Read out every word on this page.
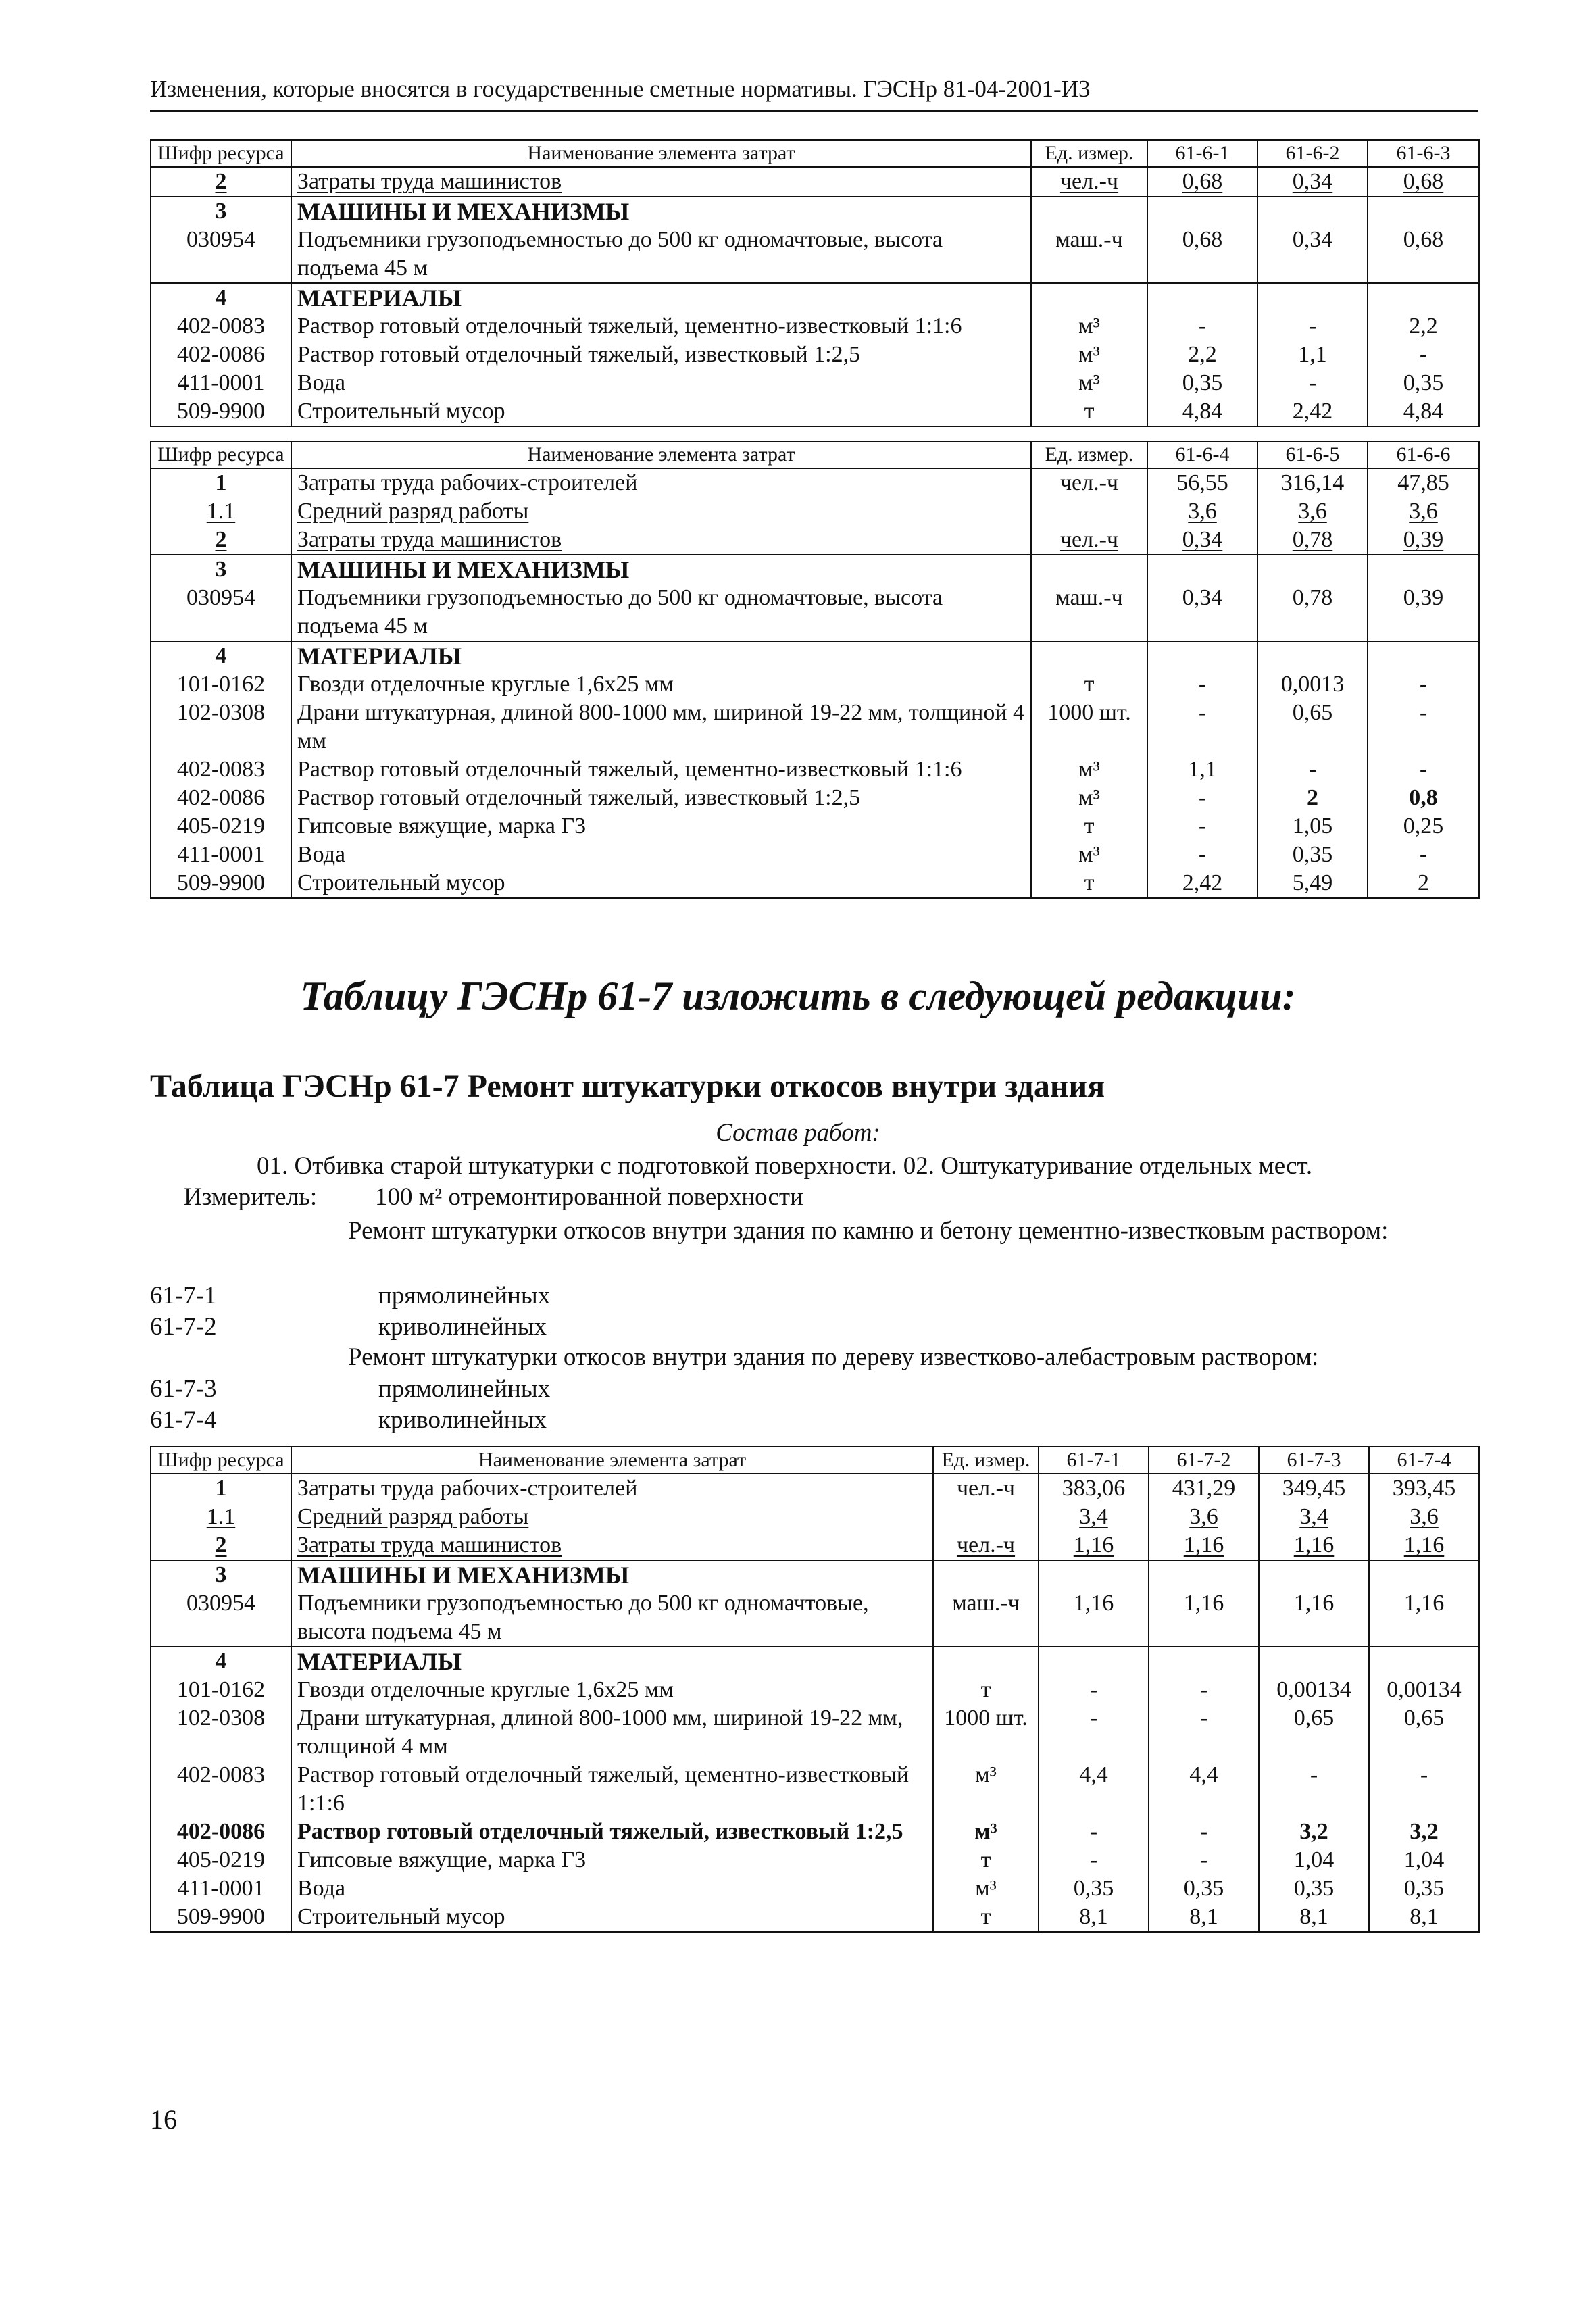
Изменения, которые вносятся в государственные сметные нормативы. ГЭСНр 81-04-2001-И3
Шифр ресурса	Наименование элемента затрат	Ед. измер.	61-6-1	61-6-2	61-6-3
2	Затраты труда машинистов	чел.-ч	0,68	0,34	0,68
3	МАШИНЫ И МЕХАНИЗМЫ				
030954	Подъемники грузоподъемностью до 500 кг одномачтовые, высота подъема 45 м	маш.-ч	0,68	0,34	0,68
4	МАТЕРИАЛЫ				
402-0083	Раствор готовый отделочный тяжелый, цементно-известковый 1:1:6	м³	-	-	2,2
402-0086	Раствор готовый отделочный тяжелый, известковый 1:2,5	м³	2,2	1,1	-
411-0001	Вода	м³	0,35	-	0,35
509-9900	Строительный мусор	т	4,84	2,42	4,84
Шифр ресурса	Наименование элемента затрат	Ед. измер.	61-6-4	61-6-5	61-6-6
1	Затраты труда рабочих-строителей	чел.-ч	56,55	316,14	47,85
1.1	Средний разряд работы		3,6	3,6	3,6
2	Затраты труда машинистов	чел.-ч	0,34	0,78	0,39
3	МАШИНЫ И МЕХАНИЗМЫ				
030954	Подъемники грузоподъемностью до 500 кг одномачтовые, высота подъема 45 м	маш.-ч	0,34	0,78	0,39
4	МАТЕРИАЛЫ				
101-0162	Гвозди отделочные круглые 1,6х25 мм	т	-	0,0013	-
102-0308	Драни штукатурная, длиной 800-1000 мм, шириной 19-22 мм, толщиной 4 мм	1000 шт.	-	0,65	-
402-0083	Раствор готовый отделочный тяжелый, цементно-известковый 1:1:6	м³	1,1	-	-
402-0086	Раствор готовый отделочный тяжелый, известковый 1:2,5	м³	-	2	0,8
405-0219	Гипсовые вяжущие, марка Г3	т	-	1,05	0,25
411-0001	Вода	м³	-	0,35	-
509-9900	Строительный мусор	т	2,42	5,49	2
Таблицу ГЭСНр 61-7 изложить в следующей редакции:
Таблица ГЭСНр 61-7 Ремонт штукатурки откосов внутри здания
Состав работ:
01. Отбивка старой штукатурки с подготовкой поверхности. 02. Оштукатуривание отдельных мест.
Измеритель: 100 м² отремонтированной поверхности
Ремонт штукатурки откосов внутри здания по камню и бетону цементно-известковым раствором:
61-7-1	прямолинейных
61-7-2	криволинейных
Ремонт штукатурки откосов внутри здания по дереву известково-алебастровым раствором:
61-7-3	прямолинейных
61-7-4	криволинейных
Шифр ресурса	Наименование элемента затрат	Ед. измер.	61-7-1	61-7-2	61-7-3	61-7-4
1	Затраты труда рабочих-строителей	чел.-ч	383,06	431,29	349,45	393,45
1.1	Средний разряд работы		3,4	3,6	3,4	3,6
2	Затраты труда машинистов	чел.-ч	1,16	1,16	1,16	1,16
3	МАШИНЫ И МЕХАНИЗМЫ					
030954	Подъемники грузоподъемностью до 500 кг одномачтовые, высота подъема 45 м	маш.-ч	1,16	1,16	1,16	1,16
4	МАТЕРИАЛЫ					
101-0162	Гвозди отделочные круглые 1,6х25 мм	т	-	-	0,00134	0,00134
102-0308	Драни штукатурная, длиной 800-1000 мм, шириной 19-22 мм, толщиной 4 мм	1000 шт.	-	-	0,65	0,65
402-0083	Раствор готовый отделочный тяжелый, цементно-известковый 1:1:6	м³	4,4	4,4	-	-
402-0086	Раствор готовый отделочный тяжелый, известковый 1:2,5	м³	-	-	3,2	3,2
405-0219	Гипсовые вяжущие, марка Г3	т	-	-	1,04	1,04
411-0001	Вода	м³	0,35	0,35	0,35	0,35
509-9900	Строительный мусор	т	8,1	8,1	8,1	8,1
16
